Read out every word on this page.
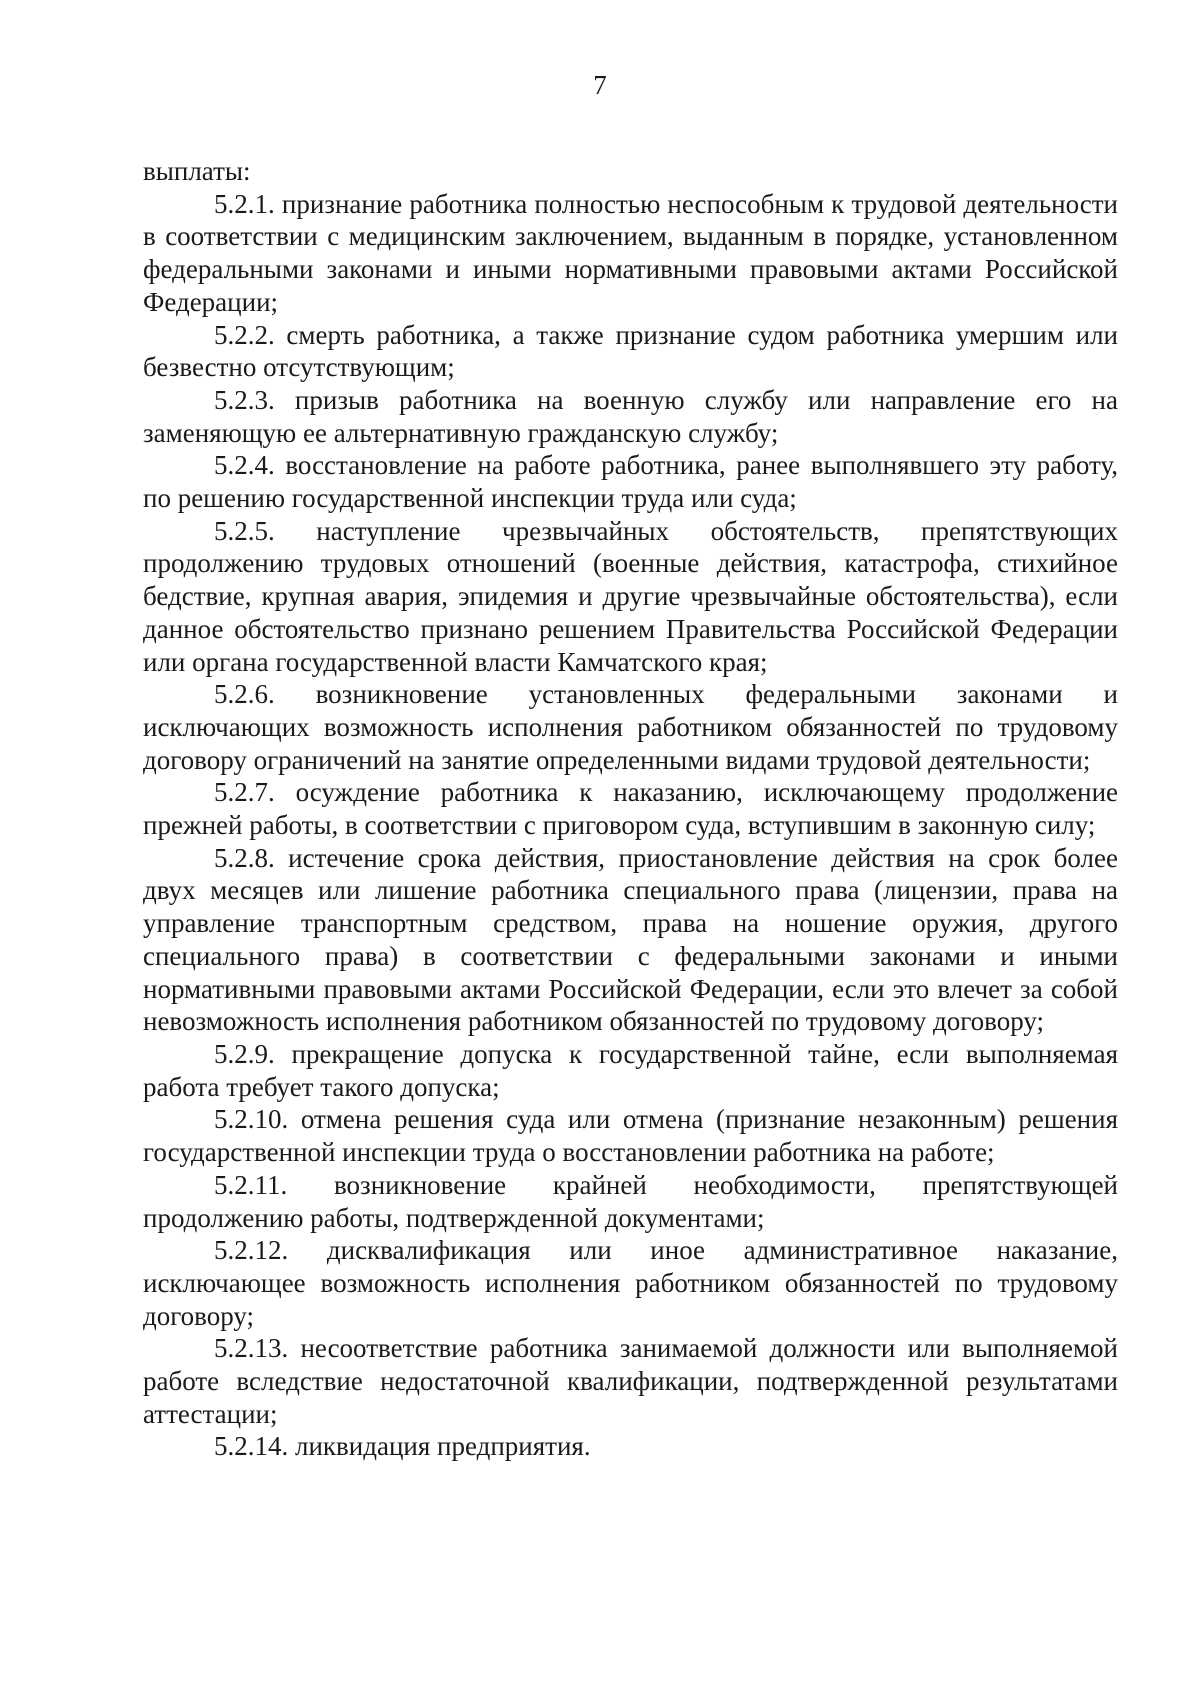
7

выплаты:

5.2.1. признание работника полностью неспособным к трудовой деятельности в соответствии с медицинским заключением, выданным в порядке, установленном федеральными законами и иными нормативными правовыми актами Российской Федерации;

5.2.2. смерть работника, а также признание судом работника умершим или безвестно отсутствующим;

5.2.3. призыв работника на военную службу или направление его на заменяющую ее альтернативную гражданскую службу;

5.2.4. восстановление на работе работника, ранее выполнявшего эту работу, по решению государственной инспекции труда или суда;

5.2.5. наступление чрезвычайных обстоятельств, препятствующих продолжению трудовых отношений (военные действия, катастрофа, стихийное бедствие, крупная авария, эпидемия и другие чрезвычайные обстоятельства), если данное обстоятельство признано решением Правительства Российской Федерации или органа государственной власти Камчатского края;

5.2.6. возникновение установленных федеральными законами и исключающих возможность исполнения работником обязанностей по трудовому договору ограничений на занятие определенными видами трудовой деятельности;

5.2.7. осуждение работника к наказанию, исключающему продолжение прежней работы, в соответствии с приговором суда, вступившим в законную силу;

5.2.8. истечение срока действия, приостановление действия на срок более двух месяцев или лишение работника специального права (лицензии, права на управление транспортным средством, права на ношение оружия, другого специального права) в соответствии с федеральными законами и иными нормативными правовыми актами Российской Федерации, если это влечет за собой невозможность исполнения работником обязанностей по трудовому договору;

5.2.9. прекращение допуска к государственной тайне, если выполняемая работа требует такого допуска;

5.2.10. отмена решения суда или отмена (признание незаконным) решения государственной инспекции труда о восстановлении работника на работе;

5.2.11. возникновение крайней необходимости, препятствующей продолжению работы, подтвержденной документами;

5.2.12. дисквалификация или иное административное наказание, исключающее возможность исполнения работником обязанностей по трудовому договору;

5.2.13. несоответствие работника занимаемой должности или выполняемой работе вследствие недостаточной квалификации, подтвержденной результатами аттестации;

5.2.14. ликвидация предприятия.
